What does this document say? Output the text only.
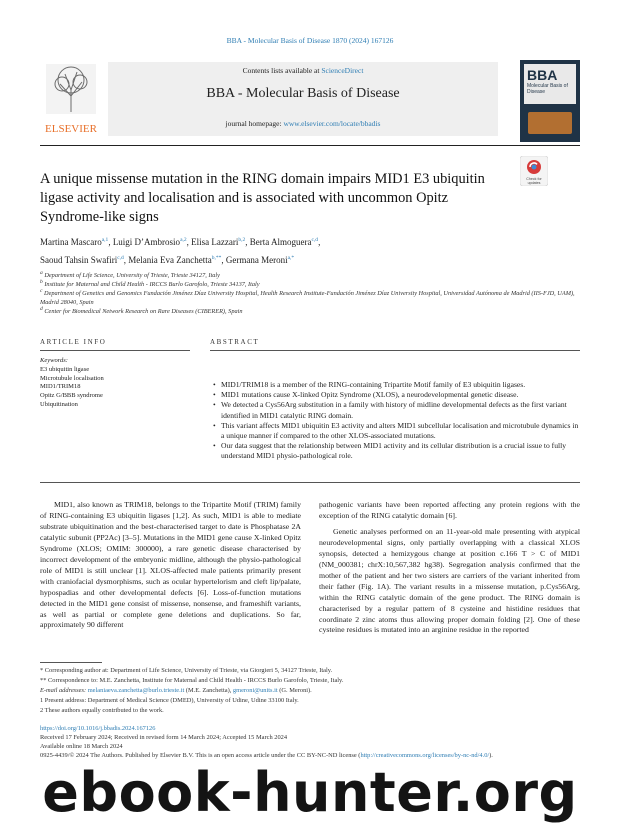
BBA - Molecular Basis of Disease 1870 (2024) 167126
ELSEVIER
Contents lists available at ScienceDirect
BBA - Molecular Basis of Disease
journal homepage: www.elsevier.com/locate/bbadis
BBA
Molecular Basis of Disease
A unique missense mutation in the RING domain impairs MID1 E3 ubiquitin ligase activity and localisation and is associated with uncommon Opitz Syndrome-like signs
Check for updates
Martina Mascaro$^{a,1}$, Luigi D’Ambrosio$^{a,2}$, Elisa Lazzari$^{b,2}$, Berta Almoguera$^{c,d}$,
Saoud Tahsin Swafiri$^{c,d}$, Melania Eva Zanchetta$^{b,**}$, Germana Meroni$^{a,*}$
$^a$ Department of Life Science, University of Trieste, Trieste 34127, Italy
$^b$ Institute for Maternal and Child Health - IRCCS Burlo Garofolo, Trieste 34137, Italy
$^c$ Department of Genetics and Genomics Fundación Jiménez Díaz University Hospital, Health Research Institute-Fundación Jiménez Díaz University Hospital, Universidad Autónoma de Madrid (IIS-FJD, UAM), Madrid 28040, Spain
$^d$ Center for Biomedical Network Research on Rare Diseases (CIBERER), Spain
ARTICLE INFO	ABSTRACT
Keywords:
E3 ubiquitin ligase
Microtubule localisation
MID1/TRIM18
Opitz G/BBB syndrome
Ubiquitination
• MID1/TRIM18 is a member of the RING-containing Tripartite Motif family of E3 ubiquitin ligases.
• MID1 mutations cause X-linked Opitz Syndrome (XLOS), a neurodevelopmental genetic disease.
• We detected a Cys56Arg substitution in a family with history of midline developmental defects as the first variant identified in MID1 catalytic RING domain.
• This variant affects MID1 ubiquitin E3 activity and alters MID1 subcellular localisation and microtubule dynamics in a unique manner if compared to the other XLOS-associated mutations.
• Our data suggest that the relationship between MID1 activity and its cellular distribution is a crucial issue to fully understand MID1 physio-pathological role.

MID1, also known as TRIM18, belongs to the Tripartite Motif (TRIM) family of RING-containing E3 ubiquitin ligases [1,2]. As such, MID1 is able to mediate substrate ubiquitination and the best-characterised target to date is Phosphatase 2A catalytic subunit (PP2Ac) [3–5]. Mutations in the MID1 gene cause X-linked Opitz Syndrome (XLOS; OMIM: 300000), a rare genetic disease characterised by incorrect development of the embryonic midline, although the physio-pathological role of MID1 is still unclear [1]. XLOS-affected male patients primarily present with craniofacial dysmorphisms, such as ocular hypertelorism and cleft lip/palate, hypospadias and other developmental defects [6]. Loss-of-function mutations detected in the MID1 gene consist of missense, nonsense, and frameshift variants, as well as partial or complete gene deletions and duplications. So far, approximately 90 different

pathogenic variants have been reported affecting any protein regions with the exception of the RING catalytic domain [6].

Genetic analyses performed on an 11-year-old male presenting with atypical neurodevelopmental signs, only partially overlapping with a classical XLOS synopsis, detected a hemizygous change at position c.166 T > C of MID1 (NM_000381; chrX:10,567,382 hg38). Segregation analysis confirmed that the mother of the patient and her two sisters are carriers of the variant inherited from their father (Fig. 1A). The variant results in a missense mutation, p.Cys56Arg, within the RING catalytic domain of the gene product. The RING domain is characterised by a regular pattern of 8 cysteine and histidine residues that coordinate 2 zinc atoms thus allowing proper domain folding [2]. One of these cysteine residues is mutated into an arginine residue in the reported

* Corresponding author at: Department of Life Science, University of Trieste, via Giorgieri 5, 34127 Trieste, Italy.
** Correspondence to: M.E. Zanchetta, Institute for Maternal and Child Health - IRCCS Burlo Garofolo, Trieste, Italy.
E-mail addresses: melaniaeva.zanchetta@burlo.trieste.it (M.E. Zanchetta), gmeroni@units.it (G. Meroni).
1 Present address: Department of Medical Science (DMED), University of Udine, Udine 33100 Italy.
2 These authors equally contributed to the work.
https://doi.org/10.1016/j.bbadis.2024.167126
Received 17 February 2024; Received in revised form 14 March 2024; Accepted 15 March 2024
Available online 18 March 2024
0925-4439/© 2024 The Authors. Published by Elsevier B.V. This is an open access article under the CC BY-NC-ND license (http://creativecommons.org/licenses/by-nc-nd/4.0/).
ebook-hunter.org
